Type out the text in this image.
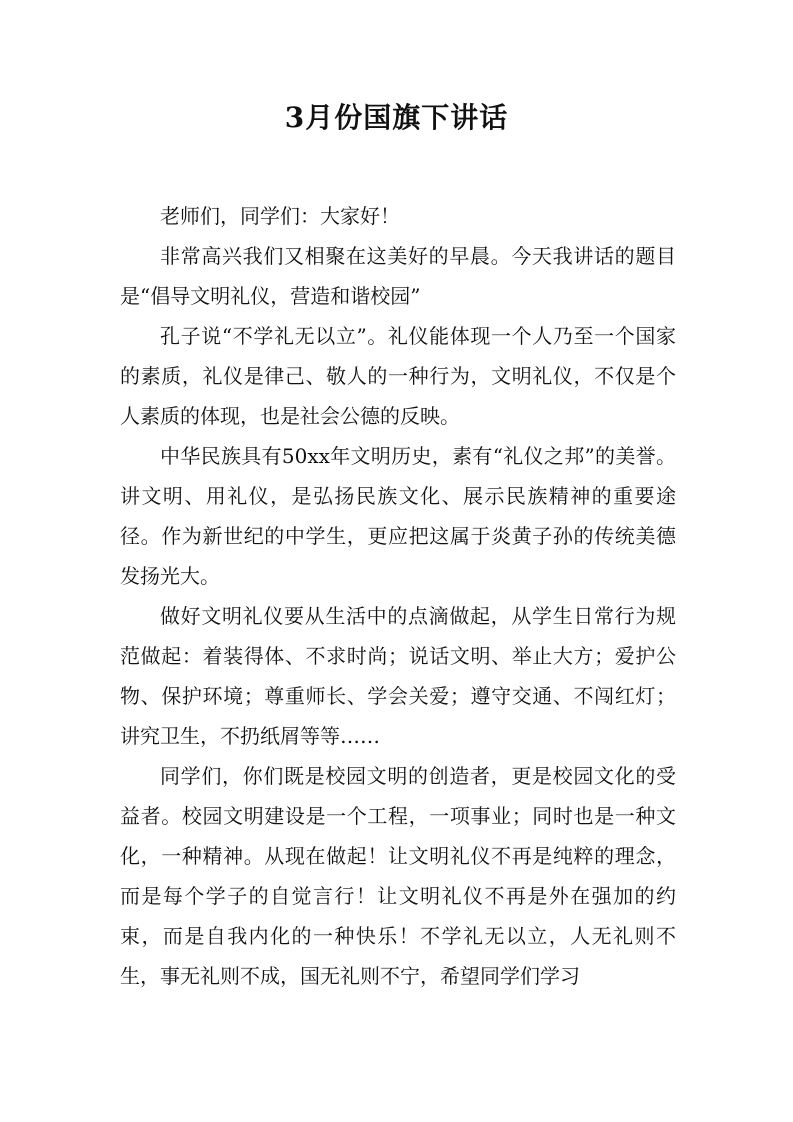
3月份国旗下讲话

老师们，同学们：大家好！

非常高兴我们又相聚在这美好的早晨。今天我讲话的题目是“倡导文明礼仪，营造和谐校园”

孔子说“不学礼无以立”。礼仪能体现一个人乃至一个国家的素质，礼仪是律己、敬人的一种行为，文明礼仪，不仅是个人素质的体现，也是社会公德的反映。

中华民族具有50xx年文明历史，素有“礼仪之邦”的美誉。讲文明、用礼仪，是弘扬民族文化、展示民族精神的重要途径。作为新世纪的中学生，更应把这属于炎黄子孙的传统美德发扬光大。

做好文明礼仪要从生活中的点滴做起，从学生日常行为规范做起：着装得体、不求时尚；说话文明、举止大方；爱护公物、保护环境；尊重师长、学会关爱；遵守交通、不闯红灯；讲究卫生，不扔纸屑等等……

同学们，你们既是校园文明的创造者，更是校园文化的受益者。校园文明建设是一个工程，一项事业；同时也是一种文化，一种精神。从现在做起！让文明礼仪不再是纯粹的理念，而是每个学子的自觉言行！让文明礼仪不再是外在强加的约束，而是自我内化的一种快乐！不学礼无以立，人无礼则不生，事无礼则不成，国无礼则不宁，希望同学们学习
